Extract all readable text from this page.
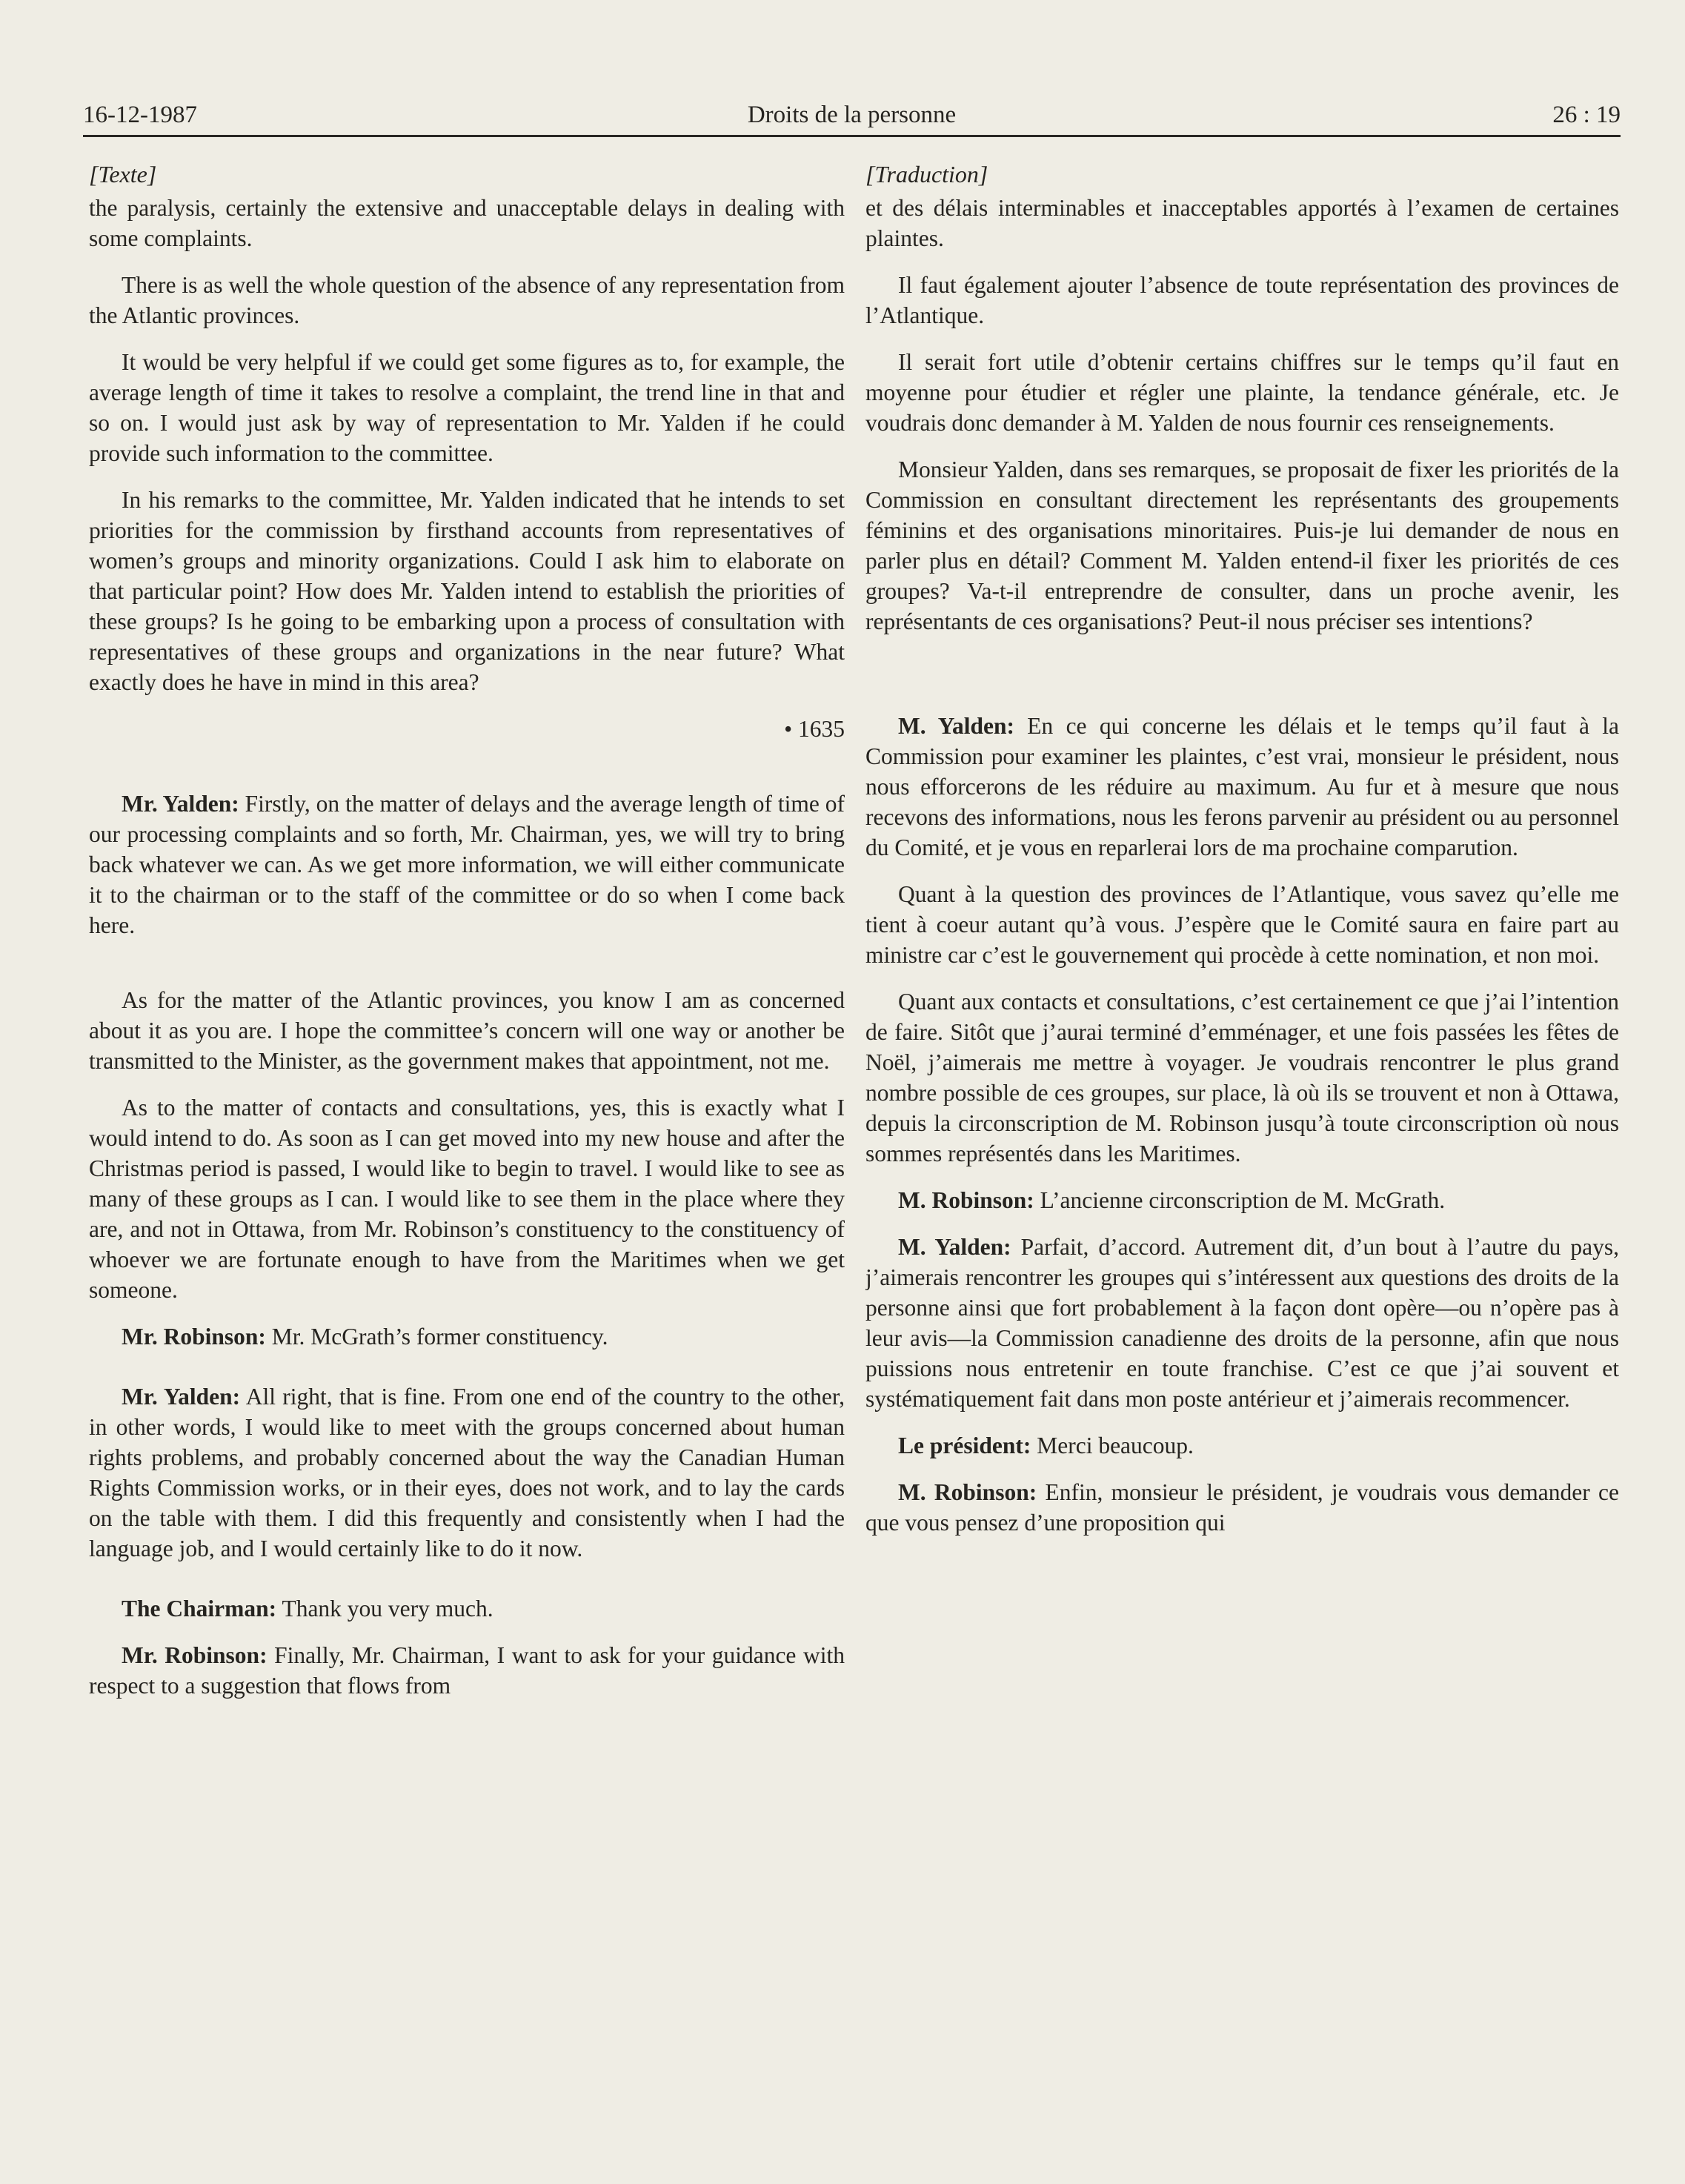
16-12-1987	Droits de la personne	26 : 19

[Texte]

the paralysis, certainly the extensive and unacceptable delays in dealing with some complaints.

There is as well the whole question of the absence of any representation from the Atlantic provinces.

It would be very helpful if we could get some figures as to, for example, the average length of time it takes to resolve a complaint, the trend line in that and so on. I would just ask by way of representation to Mr. Yalden if he could provide such information to the committee.

In his remarks to the committee, Mr. Yalden indicated that he intends to set priorities for the commission by firsthand accounts from representatives of women’s groups and minority organizations. Could I ask him to elaborate on that particular point? How does Mr. Yalden intend to establish the priorities of these groups? Is he going to be embarking upon a process of consultation with representatives of these groups and organizations in the near future? What exactly does he have in mind in this area?

• 1635

Mr. Yalden: Firstly, on the matter of delays and the average length of time of our processing complaints and so forth, Mr. Chairman, yes, we will try to bring back whatever we can. As we get more information, we will either communicate it to the chairman or to the staff of the committee or do so when I come back here.

As for the matter of the Atlantic provinces, you know I am as concerned about it as you are. I hope the committee’s concern will one way or another be transmitted to the Minister, as the government makes that appointment, not me.

As to the matter of contacts and consultations, yes, this is exactly what I would intend to do. As soon as I can get moved into my new house and after the Christmas period is passed, I would like to begin to travel. I would like to see as many of these groups as I can. I would like to see them in the place where they are, and not in Ottawa, from Mr. Robinson’s constituency to the constituency of whoever we are fortunate enough to have from the Maritimes when we get someone.

Mr. Robinson: Mr. McGrath’s former constituency.

Mr. Yalden: All right, that is fine. From one end of the country to the other, in other words, I would like to meet with the groups concerned about human rights problems, and probably concerned about the way the Canadian Human Rights Commission works, or in their eyes, does not work, and to lay the cards on the table with them. I did this frequently and consistently when I had the language job, and I would certainly like to do it now.

The Chairman: Thank you very much.

Mr. Robinson: Finally, Mr. Chairman, I want to ask for your guidance with respect to a suggestion that flows from

[Traduction]

et des délais interminables et inacceptables apportés à l’examen de certaines plaintes.

Il faut également ajouter l’absence de toute représentation des provinces de l’Atlantique.

Il serait fort utile d’obtenir certains chiffres sur le temps qu’il faut en moyenne pour étudier et régler une plainte, la tendance générale, etc. Je voudrais donc demander à M. Yalden de nous fournir ces renseignements.

Monsieur Yalden, dans ses remarques, se proposait de fixer les priorités de la Commission en consultant directement les représentants des groupements féminins et des organisations minoritaires. Puis-je lui demander de nous en parler plus en détail? Comment M. Yalden entend-il fixer les priorités de ces groupes? Va-t-il entreprendre de consulter, dans un proche avenir, les représentants de ces organisations? Peut-il nous préciser ses intentions?

M. Yalden: En ce qui concerne les délais et le temps qu’il faut à la Commission pour examiner les plaintes, c’est vrai, monsieur le président, nous nous efforcerons de les réduire au maximum. Au fur et à mesure que nous recevons des informations, nous les ferons parvenir au président ou au personnel du Comité, et je vous en reparlerai lors de ma prochaine comparution.

Quant à la question des provinces de l’Atlantique, vous savez qu’elle me tient à coeur autant qu’à vous. J’espère que le Comité saura en faire part au ministre car c’est le gouvernement qui procède à cette nomination, et non moi.

Quant aux contacts et consultations, c’est certainement ce que j’ai l’intention de faire. Sitôt que j’aurai terminé d’emménager, et une fois passées les fêtes de Noël, j’aimerais me mettre à voyager. Je voudrais rencontrer le plus grand nombre possible de ces groupes, sur place, là où ils se trouvent et non à Ottawa, depuis la circonscription de M. Robinson jusqu’à toute circonscription où nous sommes représentés dans les Maritimes.

M. Robinson: L’ancienne circonscription de M. McGrath.

M. Yalden: Parfait, d’accord. Autrement dit, d’un bout à l’autre du pays, j’aimerais rencontrer les groupes qui s’intéressent aux questions des droits de la personne ainsi que fort probablement à la façon dont opère—ou n’opère pas à leur avis—la Commission canadienne des droits de la personne, afin que nous puissions nous entretenir en toute franchise. C’est ce que j’ai souvent et systématiquement fait dans mon poste antérieur et j’aimerais recommencer.

Le président: Merci beaucoup.

M. Robinson: Enfin, monsieur le président, je voudrais vous demander ce que vous pensez d’une proposition qui
